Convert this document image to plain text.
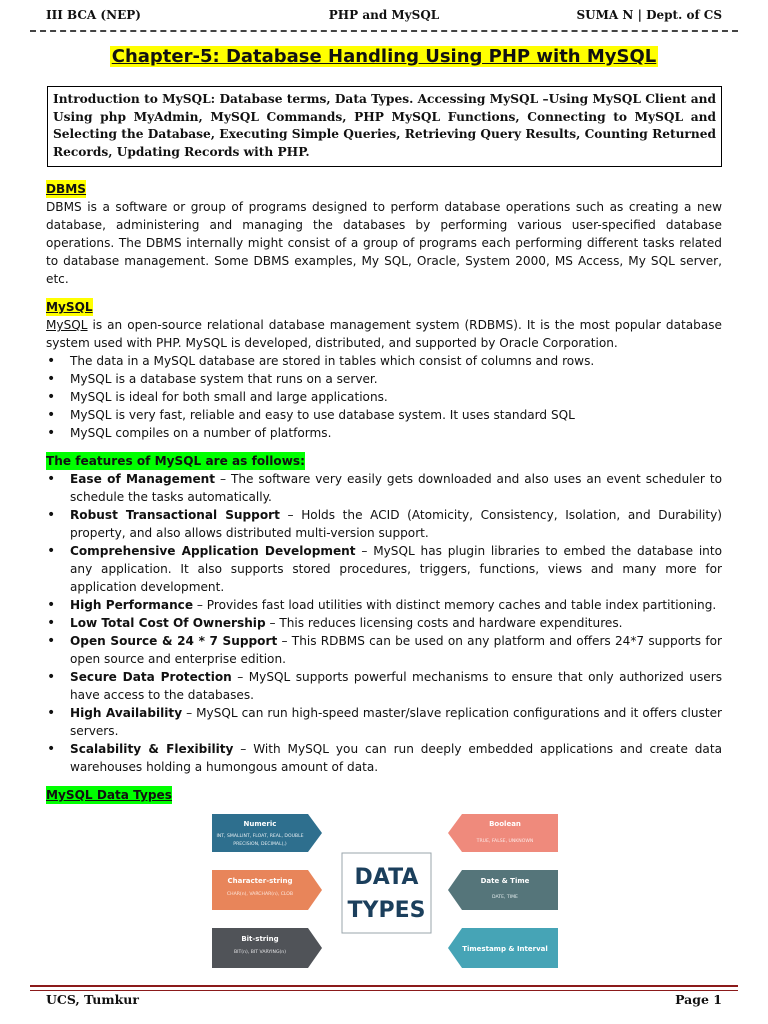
III BCA (NEP)	PHP and MySQL	SUMA N | Dept. of CS
Chapter-5: Database Handling Using PHP with MySQL
Introduction to MySQL: Database terms, Data Types. Accessing MySQL –Using MySQL Client and Using php MyAdmin, MySQL Commands, PHP MySQL Functions, Connecting to MySQL and Selecting the Database, Executing Simple Queries, Retrieving Query Results, Counting Returned Records, Updating Records with PHP.
DBMS

DBMS is a software or group of programs designed to perform database operations such as creating a new database, administering and managing the databases by performing various user-specified database operations. The DBMS internally might consist of a group of programs each performing different tasks related to database management. Some DBMS examples, My SQL, Oracle, System 2000, MS Access, My SQL server, etc.

MySQL

MySQL is an open-source relational database management system (RDBMS). It is the most popular database system used with PHP. MySQL is developed, distributed, and supported by Oracle Corporation.

• The data in a MySQL database are stored in tables which consist of columns and rows.
• MySQL is a database system that runs on a server.
• MySQL is ideal for both small and large applications.
• MySQL is very fast, reliable and easy to use database system. It uses standard SQL
• MySQL compiles on a number of platforms.
The features of MySQL are as follows:
• Ease of Management – The software very easily gets downloaded and also uses an event scheduler to schedule the tasks automatically.
• Robust Transactional Support – Holds the ACID (Atomicity, Consistency, Isolation, and Durability) property, and also allows distributed multi-version support.
• Comprehensive Application Development – MySQL has plugin libraries to embed the database into any application. It also supports stored procedures, triggers, functions, views and many more for application development.
• High Performance – Provides fast load utilities with distinct memory caches and table index partitioning.
• Low Total Cost Of Ownership – This reduces licensing costs and hardware expenditures.
• Open Source & 24 * 7 Support – This RDBMS can be used on any platform and offers 24*7 supports for open source and enterprise edition.
• Secure Data Protection – MySQL supports powerful mechanisms to ensure that only authorized users have access to the databases.
• High Availability – MySQL can run high-speed master/slave replication configurations and it offers cluster servers.
• Scalability & Flexibility – With MySQL you can run deeply embedded applications and create data warehouses holding a humongous amount of data.
MySQL Data Types
Numeric
INT, SMALLINT, FLOAT, REAL, DOUBLE
PRECISION, DECIMAL(,)
Character-string
CHAR(n), VARCHAR(n), CLOB
Bit-string
BIT(n), BIT VARYING(n)
Boolean
TRUE, FALSE, UNKNOWN
Date & Time
DATE, TIME
Timestamp & Interval
DATA
TYPES
UCS, Tumkur	Page 1
